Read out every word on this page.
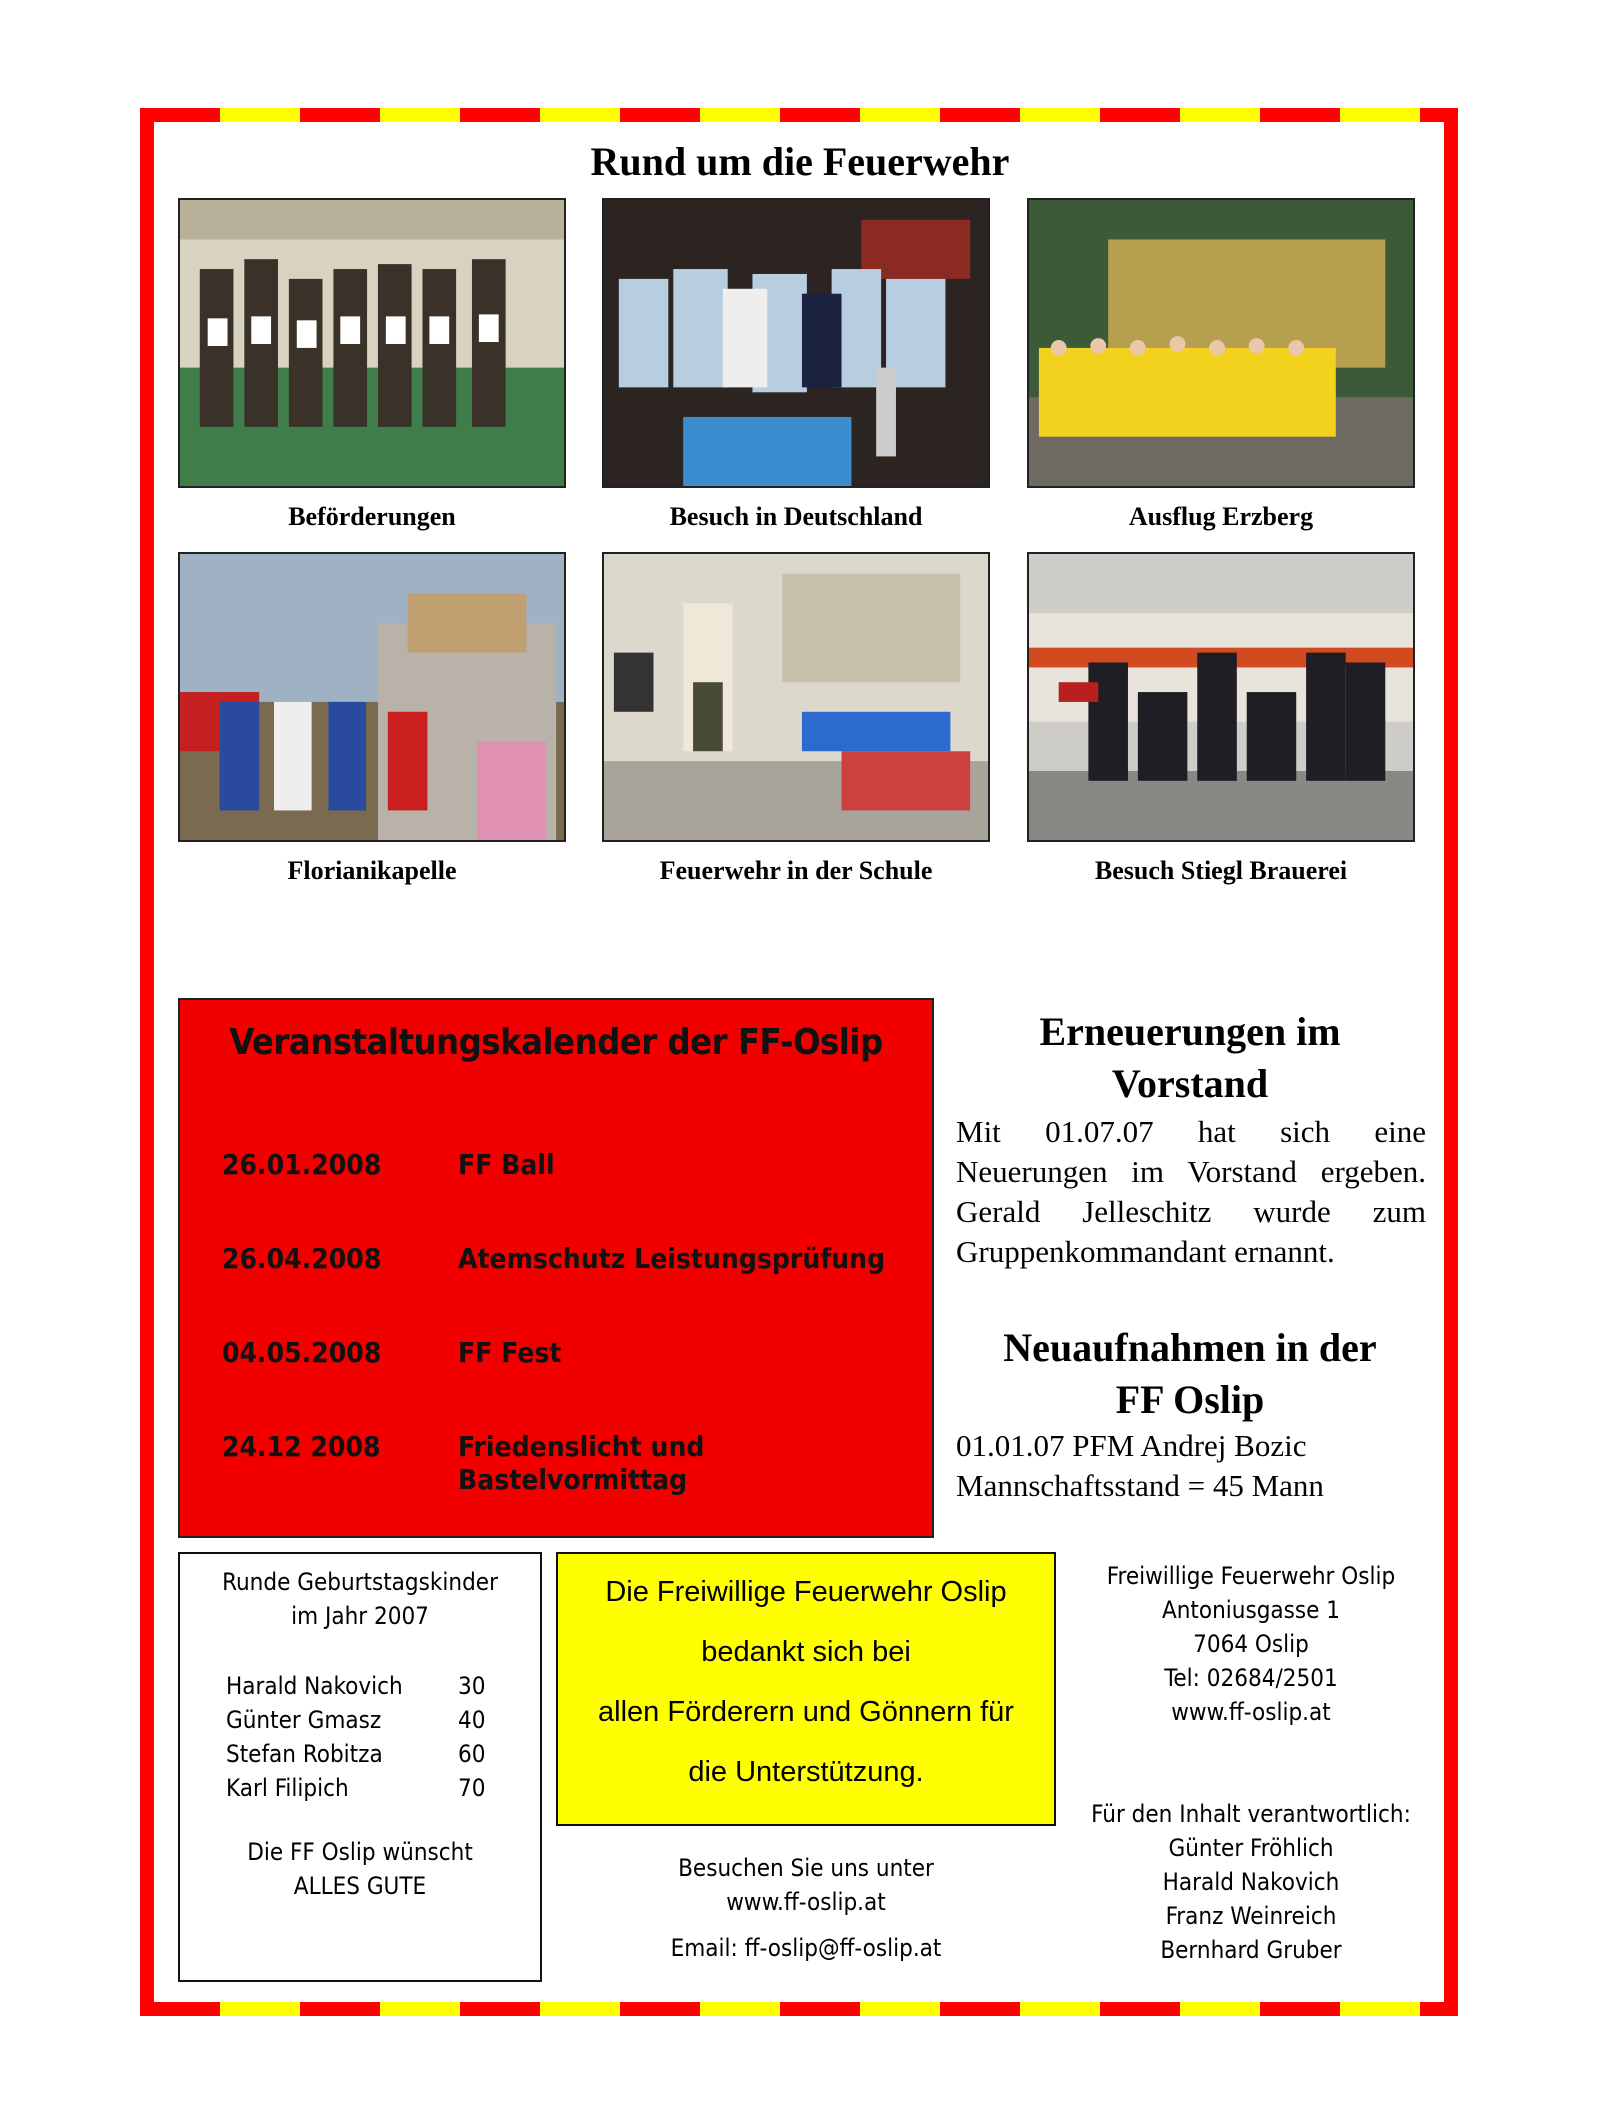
Rund um die Feuerwehr
Beförderungen	Besuch in Deutschland	Ausflug Erzberg
Florianikapelle	Feuerwehr in der Schule	Besuch Stiegl Brauerei
Veranstaltungskalender der FF-Oslip
26.01.2008	FF Ball
26.04.2008	Atemschutz Leistungsprüfung
04.05.2008	FF Fest
24.12 2008	Friedenslicht und Bastelvormittag
Erneuerungen im
Vorstand
Mit 01.07.07 hat sich eine Neuerungen im Vorstand ergeben. Gerald Jelleschitz wurde zum Gruppenkommandant ernannt.
Neuaufnahmen in der
FF Oslip
01.01.07 PFM Andrej Bozic
Mannschaftsstand = 45 Mann
Runde Geburtstagskinder
im Jahr 2007
Harald Nakovich 30
Günter Gmasz	40
Stefan Robitza	60
Karl Filipich	70
Die FF Oslip wünscht
ALLES GUTE
Die Freiwillige Feuerwehr Oslip
bedankt sich bei
allen Förderern und Gönnern für
die Unterstützung.
Besuchen Sie uns unter
www.ff-oslip.at
Email: ff-oslip@ff-oslip.at
Freiwillige Feuerwehr Oslip
Antoniusgasse 1
7064 Oslip
Tel: 02684/2501
www.ff-oslip.at
Für den Inhalt verantwortlich:
Günter Fröhlich
Harald Nakovich
Franz Weinreich
Bernhard Gruber
